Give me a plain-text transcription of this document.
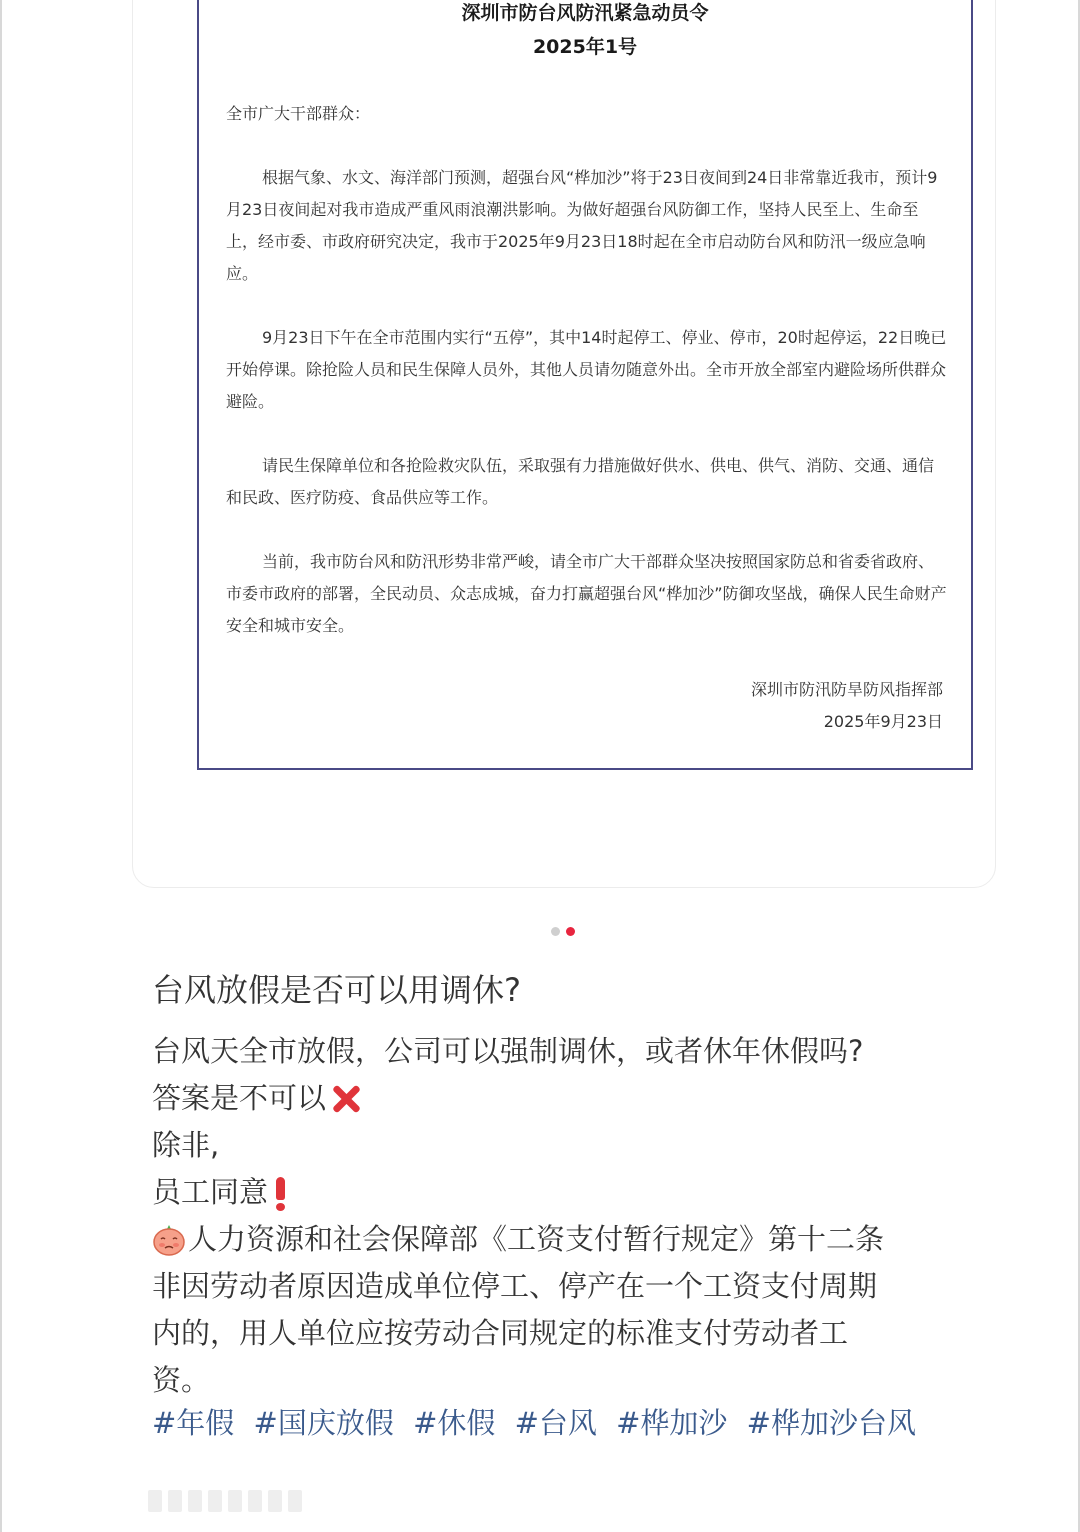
深圳市防台风防汛紧急动员令
2025年1号

全市广大干部群众：

根据气象、水文、海洋部门预测，超强台风“桦加沙”将于23日夜间到24日非常靠近我市，预计9月23日夜间起对我市造成严重风雨浪潮洪影响。为做好超强台风防御工作，坚持人民至上、生命至上，经市委、市政府研究决定，我市于2025年9月23日18时起在全市启动防台风和防汛一级应急响应。

9月23日下午在全市范围内实行“五停”，其中14时起停工、停业、停市，20时起停运，22日晚已开始停课。除抢险人员和民生保障人员外，其他人员请勿随意外出。全市开放全部室内避险场所供群众避险。

请民生保障单位和各抢险救灾队伍，采取强有力措施做好供水、供电、供气、消防、交通、通信和民政、医疗防疫、食品供应等工作。

当前，我市防台风和防汛形势非常严峻，请全市广大干部群众坚决按照国家防总和省委省政府、市委市政府的部署，全民动员、众志成城，奋力打赢超强台风“桦加沙”防御攻坚战，确保人民生命财产安全和城市安全。

深圳市防汛防旱防风指挥部
2025年9月23日
台风放假是否可以用调休?
台风天全市放假，公司可以强制调休，或者休年休假吗?
答案是不可以
除非,
员工同意
人力资源和社会保障部《工资支付暂行规定》第十二条
非因劳动者原因造成单位停工、停产在一个工资支付周期
内的，用人单位应按劳动合同规定的标准支付劳动者工
资。
#年假 #国庆放假 #休假 #台风 #桦加沙 #桦加沙台风
